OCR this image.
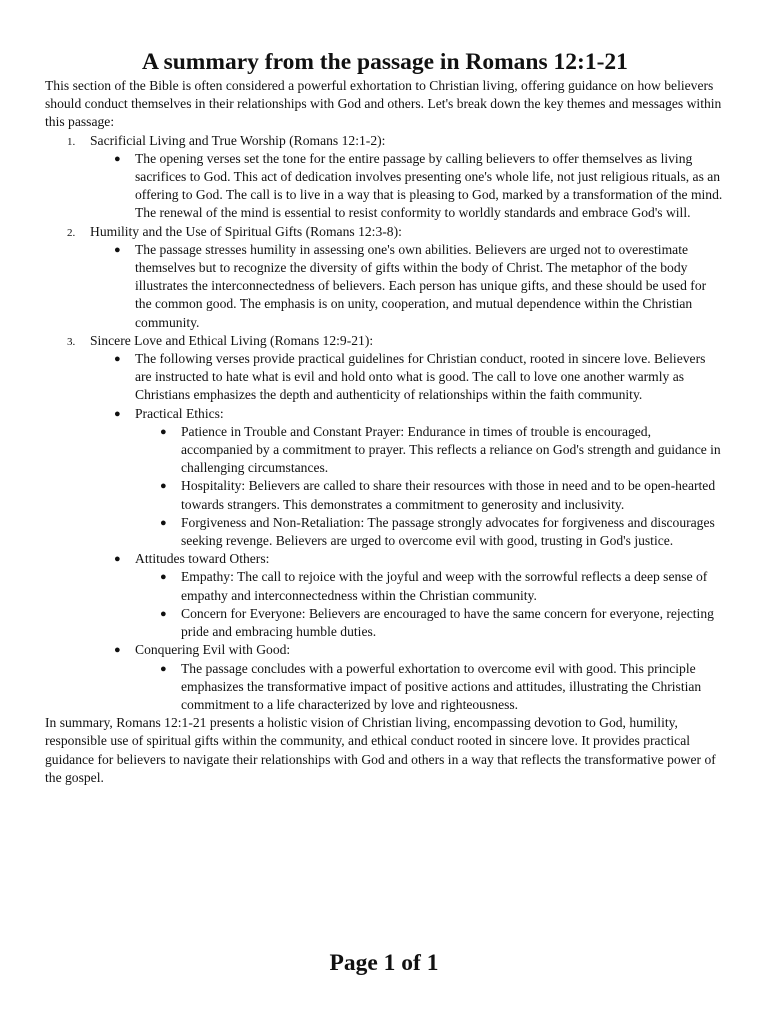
A summary from the passage in Romans 12:1-21

This section of the Bible is often considered a powerful exhortation to Christian living, offering guidance on how believers should conduct themselves in their relationships with God and others. Let's break down the key themes and messages within this passage:

1. Sacrificial Living and True Worship (Romans 12:1-2):
● The opening verses set the tone for the entire passage by calling believers to offer themselves as living sacrifices to God. This act of dedication involves presenting one's whole life, not just religious rituals, as an offering to God. The call is to live in a way that is pleasing to God, marked by a transformation of the mind. The renewal of the mind is essential to resist conformity to worldly standards and embrace God's will.
2. Humility and the Use of Spiritual Gifts (Romans 12:3-8):
● The passage stresses humility in assessing one's own abilities. Believers are urged not to overestimate themselves but to recognize the diversity of gifts within the body of Christ. The metaphor of the body illustrates the interconnectedness of believers. Each person has unique gifts, and these should be used for the common good. The emphasis is on unity, cooperation, and mutual dependence within the Christian community.
3. Sincere Love and Ethical Living (Romans 12:9-21):
● The following verses provide practical guidelines for Christian conduct, rooted in sincere love. Believers are instructed to hate what is evil and hold onto what is good. The call to love one another warmly as Christians emphasizes the depth and authenticity of relationships within the faith community.
● Practical Ethics:
● Patience in Trouble and Constant Prayer: Endurance in times of trouble is encouraged, accompanied by a commitment to prayer. This reflects a reliance on God's strength and guidance in challenging circumstances.
● Hospitality: Believers are called to share their resources with those in need and to be open-hearted towards strangers. This demonstrates a commitment to generosity and inclusivity.
● Forgiveness and Non-Retaliation: The passage strongly advocates for forgiveness and discourages seeking revenge. Believers are urged to overcome evil with good, trusting in God's justice.
● Attitudes toward Others:
● Empathy: The call to rejoice with the joyful and weep with the sorrowful reflects a deep sense of empathy and interconnectedness within the Christian community.
● Concern for Everyone: Believers are encouraged to have the same concern for everyone, rejecting pride and embracing humble duties.
● Conquering Evil with Good:
● The passage concludes with a powerful exhortation to overcome evil with good. This principle emphasizes the transformative impact of positive actions and attitudes, illustrating the Christian commitment to a life characterized by love and righteousness.

In summary, Romans 12:1-21 presents a holistic vision of Christian living, encompassing devotion to God, humility, responsible use of spiritual gifts within the community, and ethical conduct rooted in sincere love. It provides practical guidance for believers to navigate their relationships with God and others in a way that reflects the transformative power of the gospel.

Page 1 of 1
